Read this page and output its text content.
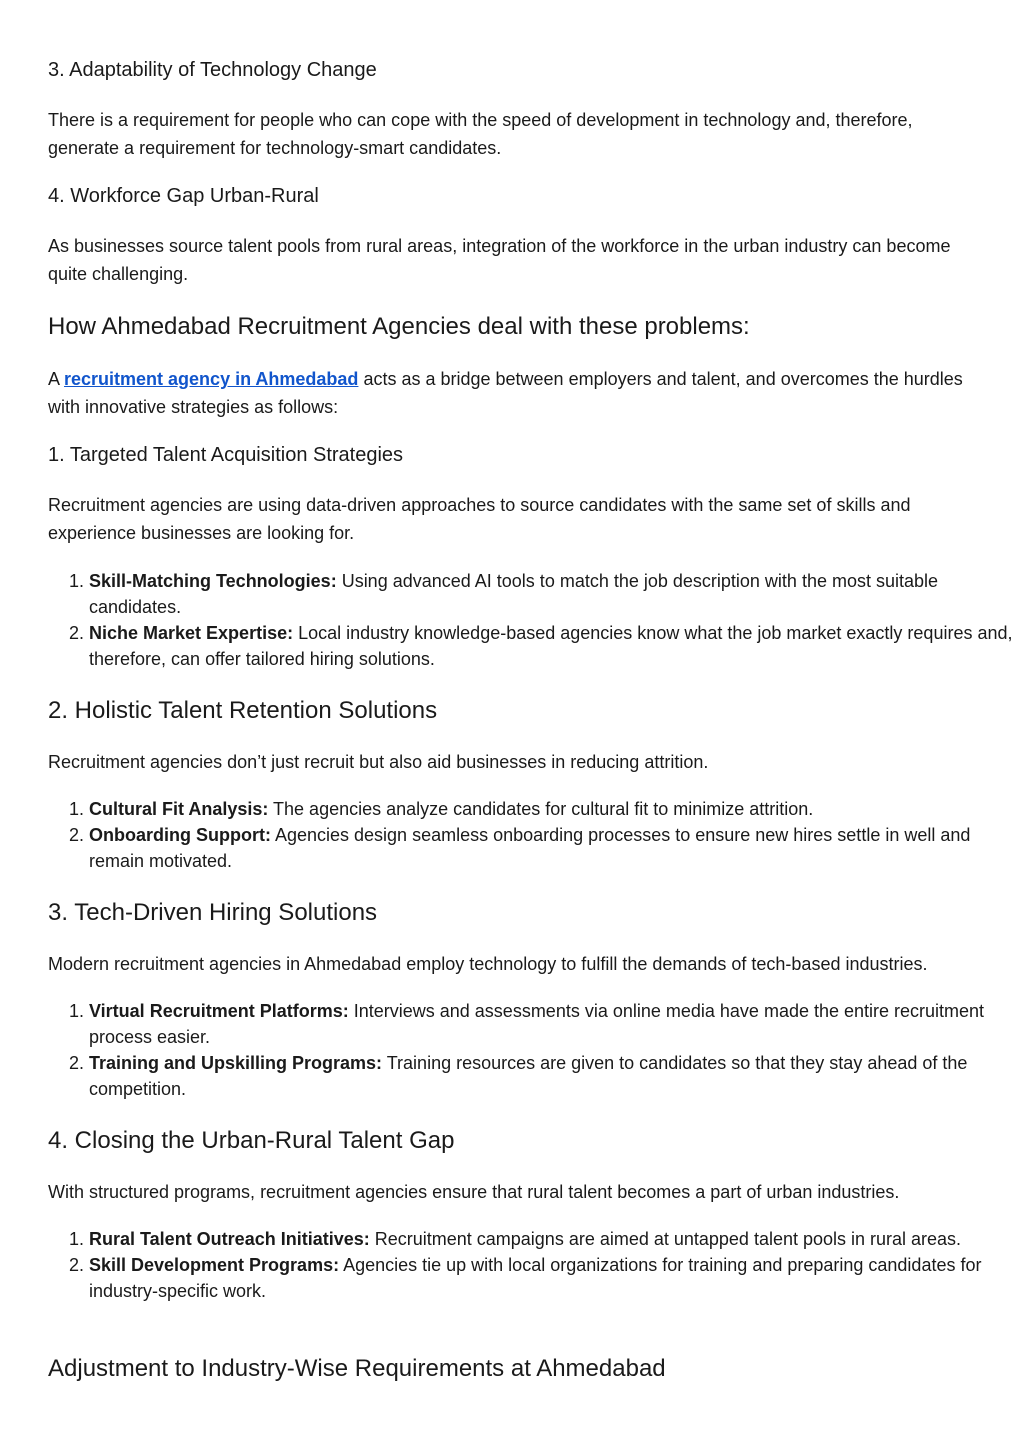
3. Adaptability of Technology Change

There is a requirement for people who can cope with the speed of development in technology and, therefore, generate a requirement for technology-smart candidates.

4. Workforce Gap Urban-Rural

As businesses source talent pools from rural areas, integration of the workforce in the urban industry can become quite challenging.

How Ahmedabad Recruitment Agencies deal with these problems:

A recruitment agency in Ahmedabad acts as a bridge between employers and talent, and overcomes the hurdles with innovative strategies as follows:

1. Targeted Talent Acquisition Strategies

Recruitment agencies are using data-driven approaches to source candidates with the same set of skills and experience businesses are looking for.

1. Skill-Matching Technologies: Using advanced AI tools to match the job description with the most suitable candidates.
2. Niche Market Expertise: Local industry knowledge-based agencies know what the job market exactly requires and, therefore, can offer tailored hiring solutions.
2. Holistic Talent Retention Solutions

Recruitment agencies don’t just recruit but also aid businesses in reducing attrition.

1. Cultural Fit Analysis: The agencies analyze candidates for cultural fit to minimize attrition.
2. Onboarding Support: Agencies design seamless onboarding processes to ensure new hires settle in well and remain motivated.
3. Tech-Driven Hiring Solutions

Modern recruitment agencies in Ahmedabad employ technology to fulfill the demands of tech-based industries.

1. Virtual Recruitment Platforms: Interviews and assessments via online media have made the entire recruitment process easier.
2. Training and Upskilling Programs: Training resources are given to candidates so that they stay ahead of the competition.
4. Closing the Urban-Rural Talent Gap

With structured programs, recruitment agencies ensure that rural talent becomes a part of urban industries.

1. Rural Talent Outreach Initiatives: Recruitment campaigns are aimed at untapped talent pools in rural areas.
2. Skill Development Programs: Agencies tie up with local organizations for training and preparing candidates for industry-specific work.
Adjustment to Industry-Wise Requirements at Ahmedabad
